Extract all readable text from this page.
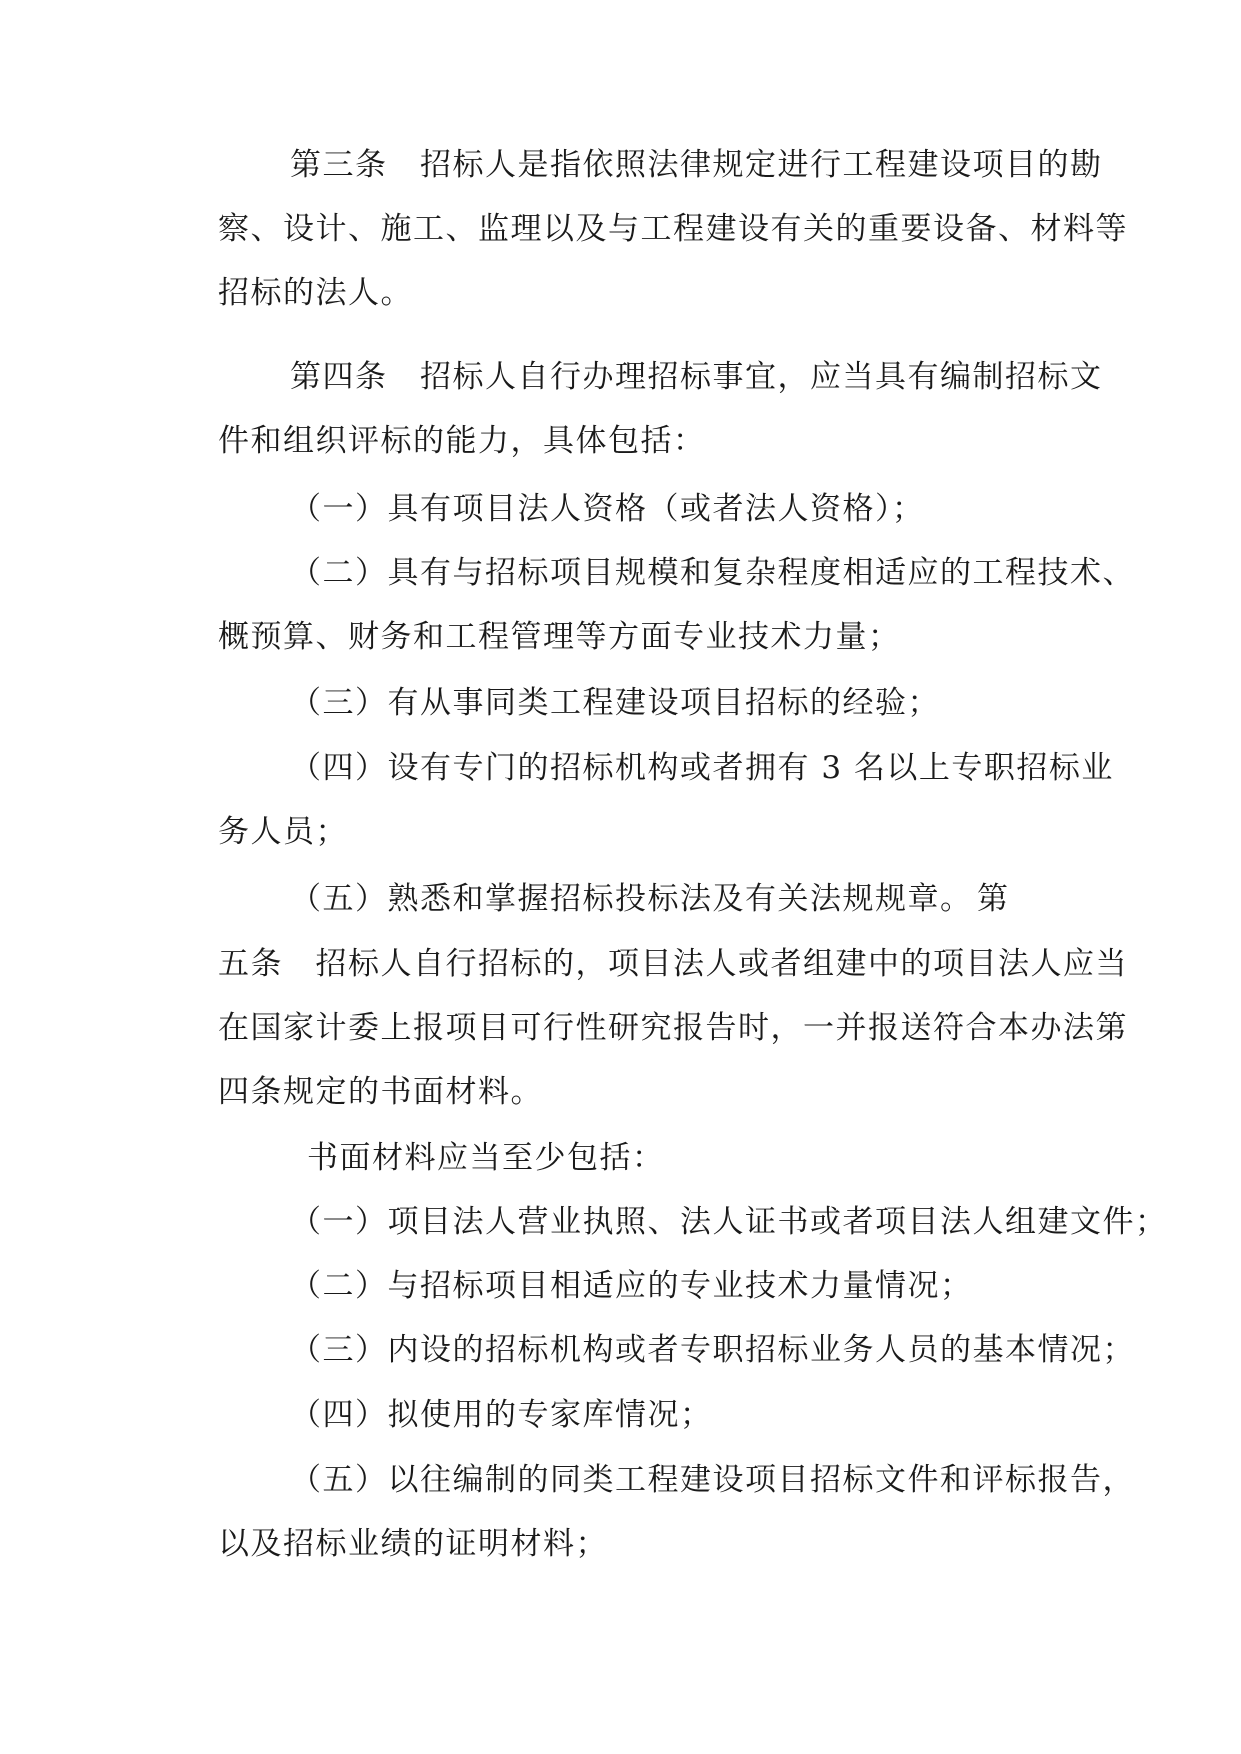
第三条　招标人是指依照法律规定进行工程建设项目的勘
察、设计、施工、监理以及与工程建设有关的重要设备、材料等
招标的法人。
第四条　招标人自行办理招标事宜，应当具有编制招标文
件和组织评标的能力，具体包括：
（一）具有项目法人资格（或者法人资格）；
（二）具有与招标项目规模和复杂程度相适应的工程技术、
概预算、财务和工程管理等方面专业技术力量；
（三）有从事同类工程建设项目招标的经验；
（四）设有专门的招标机构或者拥有 3 名以上专职招标业
务人员；
（五）熟悉和掌握招标投标法及有关法规规章。 第
五条　招标人自行招标的，项目法人或者组建中的项目法人应当
在国家计委上报项目可行性研究报告时，一并报送符合本办法第
四条规定的书面材料。
书面材料应当至少包括：
（一）项目法人营业执照、法人证书或者项目法人组建文件；
（二）与招标项目相适应的专业技术力量情况；
（三）内设的招标机构或者专职招标业务人员的基本情况；
（四）拟使用的专家库情况；
（五）以往编制的同类工程建设项目招标文件和评标报告，
以及招标业绩的证明材料；
